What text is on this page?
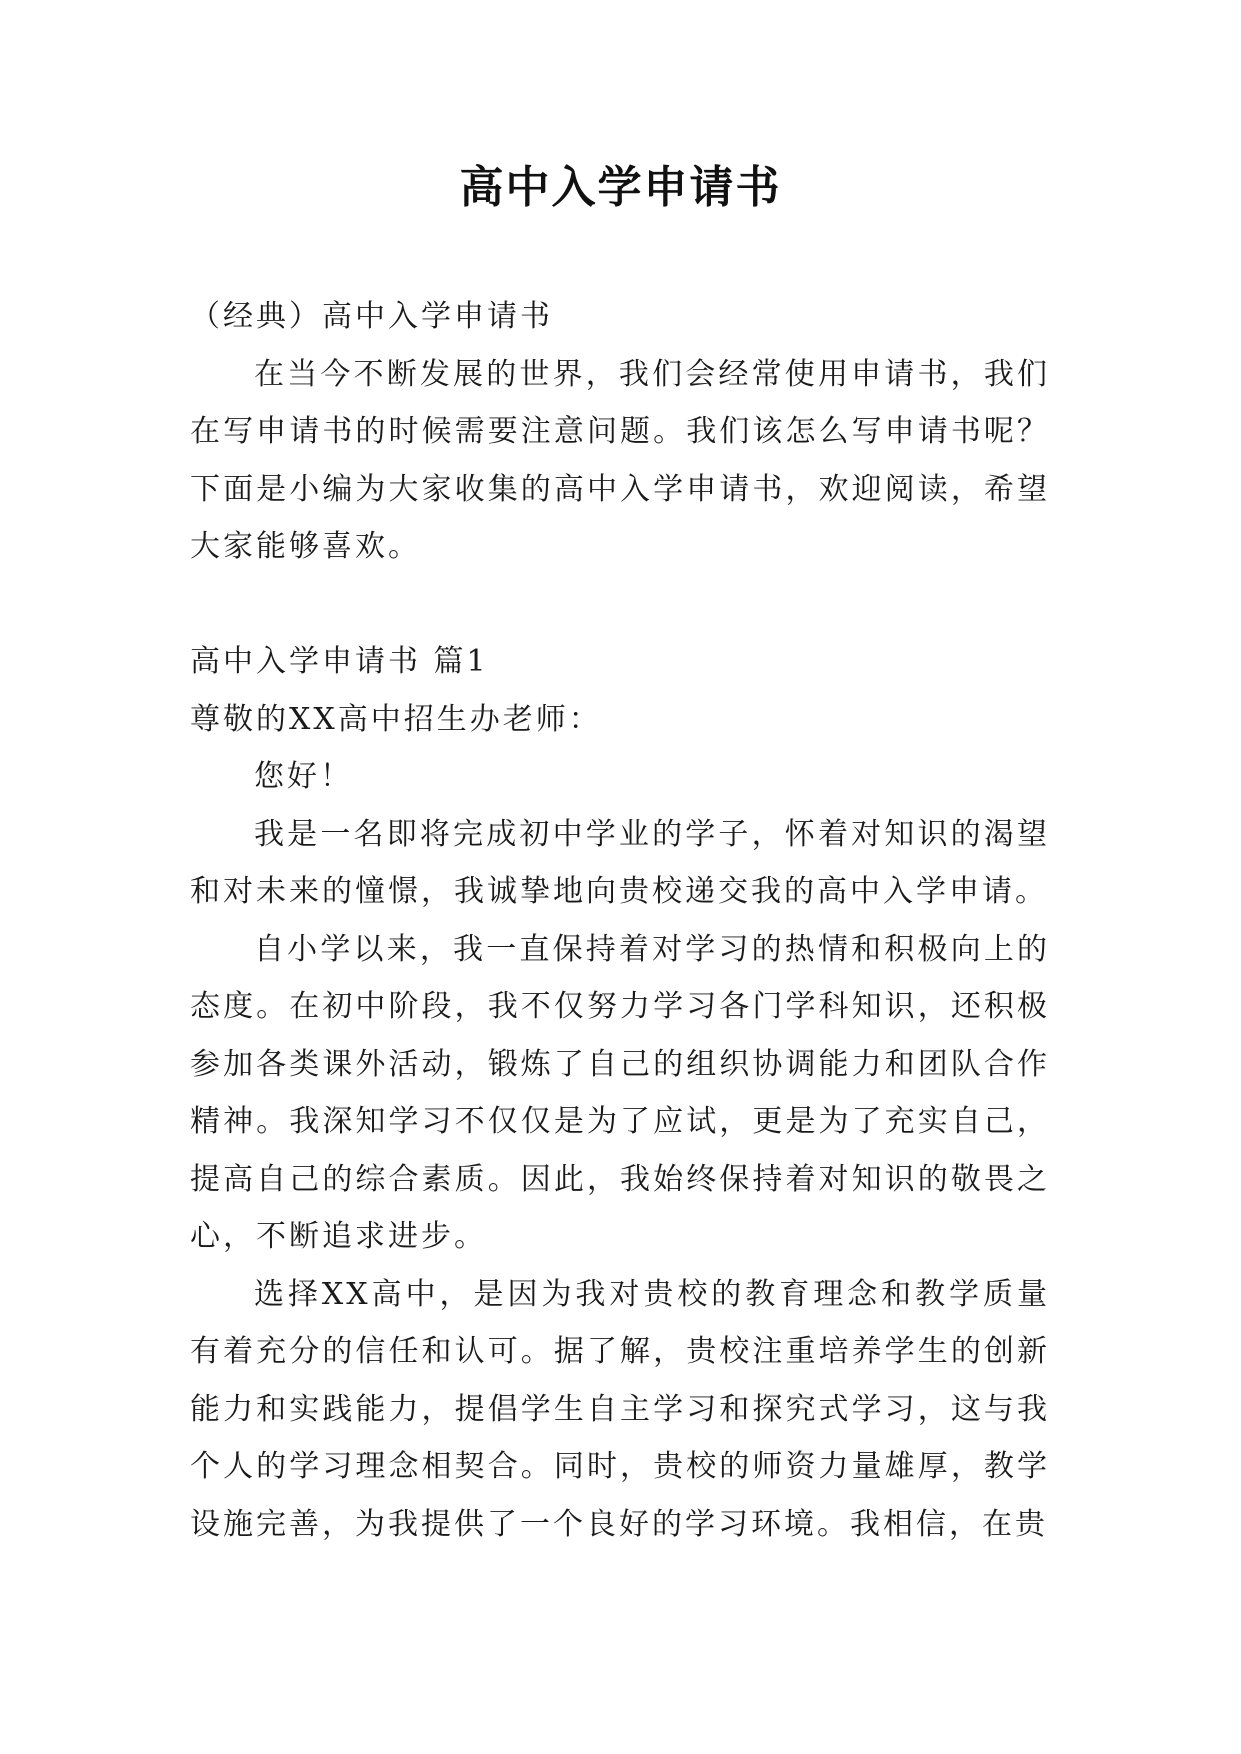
高中入学申请书

（经典）高中入学申请书

在当今不断发展的世界，我们会经常使用申请书，我们在写申请书的时候需要注意问题。我们该怎么写申请书呢？下面是小编为大家收集的高中入学申请书，欢迎阅读，希望大家能够喜欢。

高中入学申请书 篇1

尊敬的XX高中招生办老师：

您好！

我是一名即将完成初中学业的学子，怀着对知识的渴望和对未来的憧憬，我诚挚地向贵校递交我的高中入学申请。

自小学以来，我一直保持着对学习的热情和积极向上的态度。在初中阶段，我不仅努力学习各门学科知识，还积极参加各类课外活动，锻炼了自己的组织协调能力和团队合作精神。我深知学习不仅仅是为了应试，更是为了充实自己，提高自己的综合素质。因此，我始终保持着对知识的敬畏之心，不断追求进步。

选择XX高中，是因为我对贵校的教育理念和教学质量有着充分的信任和认可。据了解，贵校注重培养学生的创新能力和实践能力，提倡学生自主学习和探究式学习，这与我个人的学习理念相契合。同时，贵校的师资力量雄厚，教学设施完善，为我提供了一个良好的学习环境。我相信，在贵
